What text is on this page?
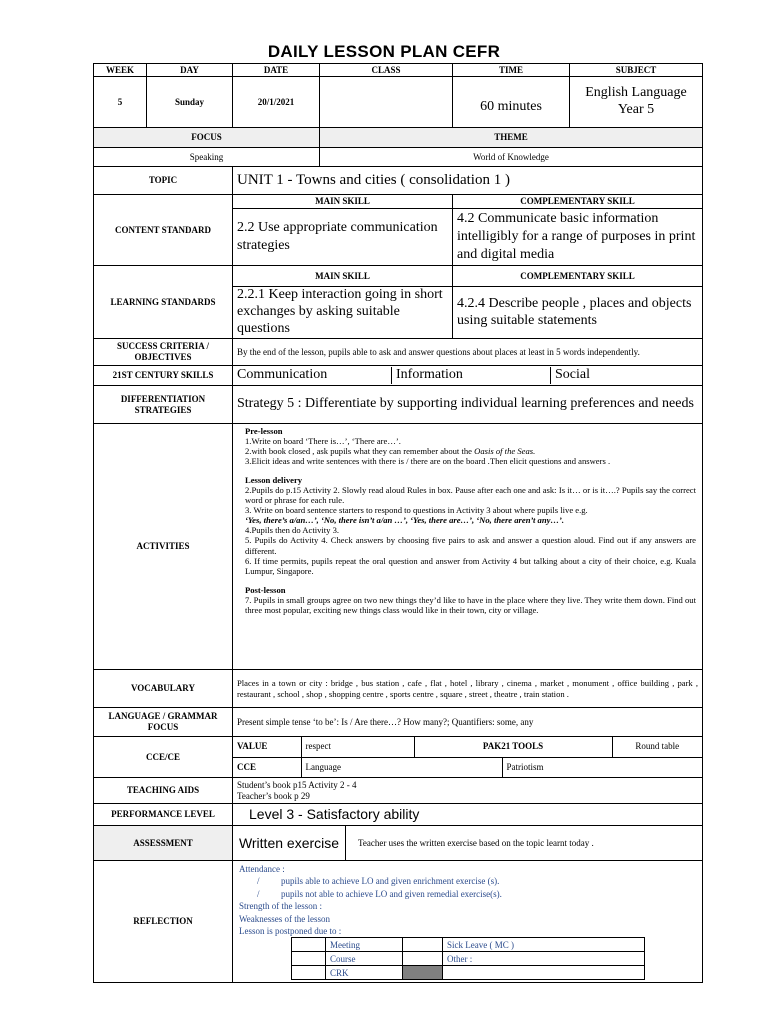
DAILY LESSON PLAN CEFR
WEEK	DAY	DATE	CLASS	TIME	SUBJECT
5	Sunday	20/1/2021		60 minutes	English Language Year 5
FOCUS	THEME
Speaking	World of Knowledge
TOPIC	UNIT 1 - Towns and cities ( consolidation 1 )
CONTENT STANDARD	MAIN SKILL	COMPLEMENTARY SKILL
2.2 Use appropriate communication strategies	4.2 Communicate basic information intelligibly for a range of purposes in print and digital media
LEARNING STANDARDS	MAIN SKILL	COMPLEMENTARY SKILL
2.2.1 Keep interaction going in short exchanges by asking suitable questions	4.2.4 Describe people , places and objects using suitable statements
SUCCESS CRITERIA / OBJECTIVES	By the end of the lesson, pupils able to ask and answer questions about places at least in 5 words independently.
21ST CENTURY SKILLS	Communication	Information	Social

DIFFERENTIATION STRATEGIES	Strategy 5 : Differentiate by supporting individual learning preferences and needs
ACTIVITIES	

Pre-lesson

1.Write on board ‘There is…’, ‘There are…’.

2.with book closed , ask pupils what they can remember about the Oasis of the Seas.

3.Elicit ideas and write sentences with there is / there are on the board .Then elicit questions and answers .

Lesson delivery

2.Pupils do p.15 Activity 2. Slowly read aloud Rules in box. Pause after each one and ask: Is it… or is it….? Pupils say the correct word or phrase for each rule.

3. Write on board sentence starters to respond to questions in Activity 3 about where pupils live e.g.

‘Yes, there’s a/an…’, ‘No, there isn’t a/an …’, ‘Yes, there are…’, ‘No, there aren’t any…’.

4.Pupils then do Activity 3.

5. Pupils do Activity 4. Check answers by choosing five pairs to ask and answer a question aloud. Find out if any answers are different.

6. If time permits, pupils repeat the oral question and answer from Activity 4 but talking about a city of their choice, e.g. Kuala Lumpur, Singapore.

Post-lesson

7. Pupils in small groups agree on two new things they’d like to have in the place where they live. They write them down. Find out three most popular, exciting new things class would like in their town, city or village.

VOCABULARY	Places in a town or city : bridge , bus station , cafe , flat , hotel , library , cinema , market , monument , office building , park , restaurant , school , shop , shopping centre , sports centre , square , street , theatre , train station .
LANGUAGE / GRAMMAR FOCUS	Present simple tense ‘to be’: Is / Are there…? How many?; Quantifiers: some, any
CCE/CE	
VALUE	respect	PAK21 TOOLS	Round table
CCE	Language	Patriotism

TEACHING AIDS	
Student’s book p15 Activity 2 - 4
Teacher’s book p 29

PERFORMANCE LEVEL	Level 3 - Satisfactory ability
ASSESSMENT		Written exercise	Teacher uses the written exercise based on the topic learnt today .

REFLECTION	
Attendance :
/ pupils able to achieve LO and given enrichment exercise (s).
/ pupils not able to achieve LO and given remedial exercise(s).
Strength of the lesson :
Weaknesses of the lesson
Lesson is postponed due to :
	Meeting		Sick Leave ( MC )
	Course		Other :
	CRK		
